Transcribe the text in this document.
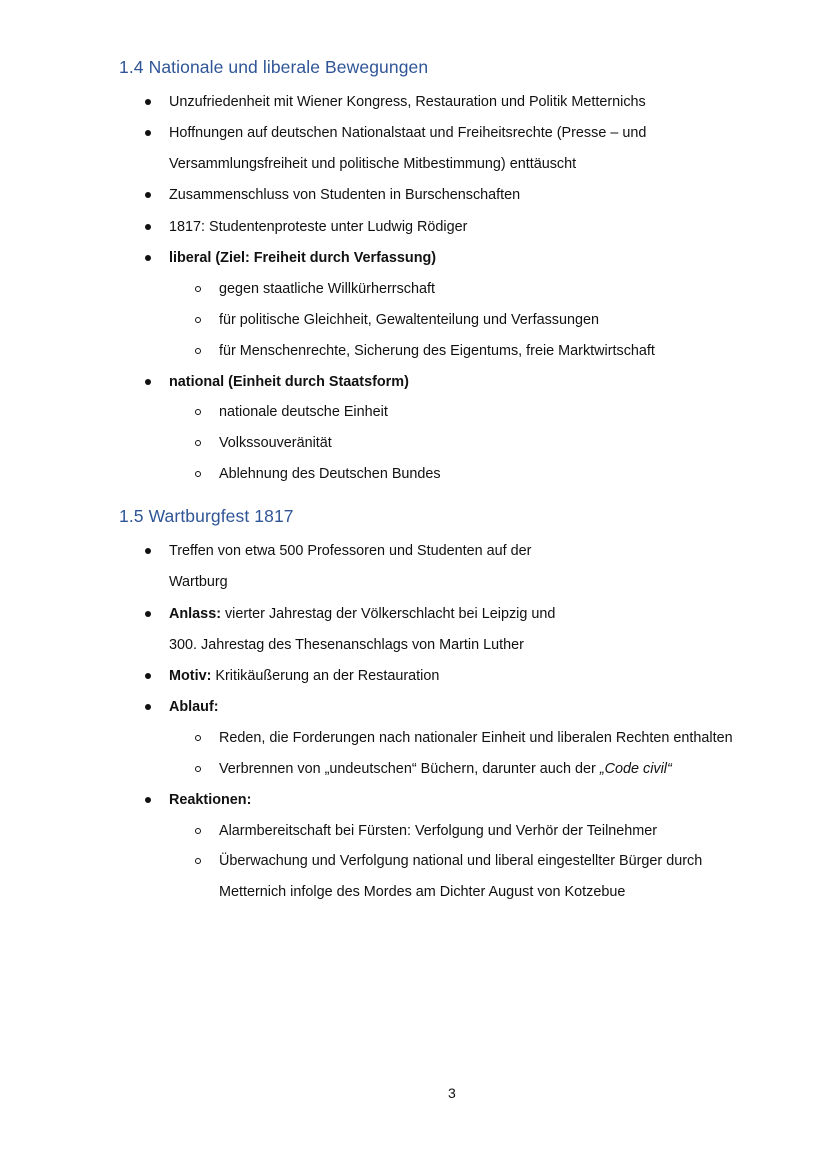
1.4 Nationale und liberale Bewegungen

Unzufriedenheit mit Wiener Kongress, Restauration und Politik Metternichs

Hoffnungen auf deutschen Nationalstaat und Freiheitsrechte (Presse – und

Versammlungsfreiheit und politische Mitbestimmung) enttäuscht

Zusammenschluss von Studenten in Burschenschaften

1817: Studentenproteste unter Ludwig Rödiger

liberal (Ziel: Freiheit durch Verfassung)

gegen staatliche Willkürherrschaft

für politische Gleichheit, Gewaltenteilung und Verfassungen

für Menschenrechte, Sicherung des Eigentums, freie Marktwirtschaft

national (Einheit durch Staatsform)

nationale deutsche Einheit

Volkssouveränität

Ablehnung des Deutschen Bundes

1.5 Wartburgfest 1817

Treffen von etwa 500 Professoren und Studenten auf der

Wartburg

Anlass: vierter Jahrestag der Völkerschlacht bei Leipzig und

300. Jahrestag des Thesenanschlags von Martin Luther

Motiv: Kritikäußerung an der Restauration

Ablauf:

Reden, die Forderungen nach nationaler Einheit und liberalen Rechten enthalten

Verbrennen von „undeutschen“ Büchern, darunter auch der „Code civil“

Reaktionen:

Alarmbereitschaft bei Fürsten: Verfolgung und Verhör der Teilnehmer

Überwachung und Verfolgung national und liberal eingestellter Bürger durch

Metternich infolge des Mordes am Dichter August von Kotzebue

3
